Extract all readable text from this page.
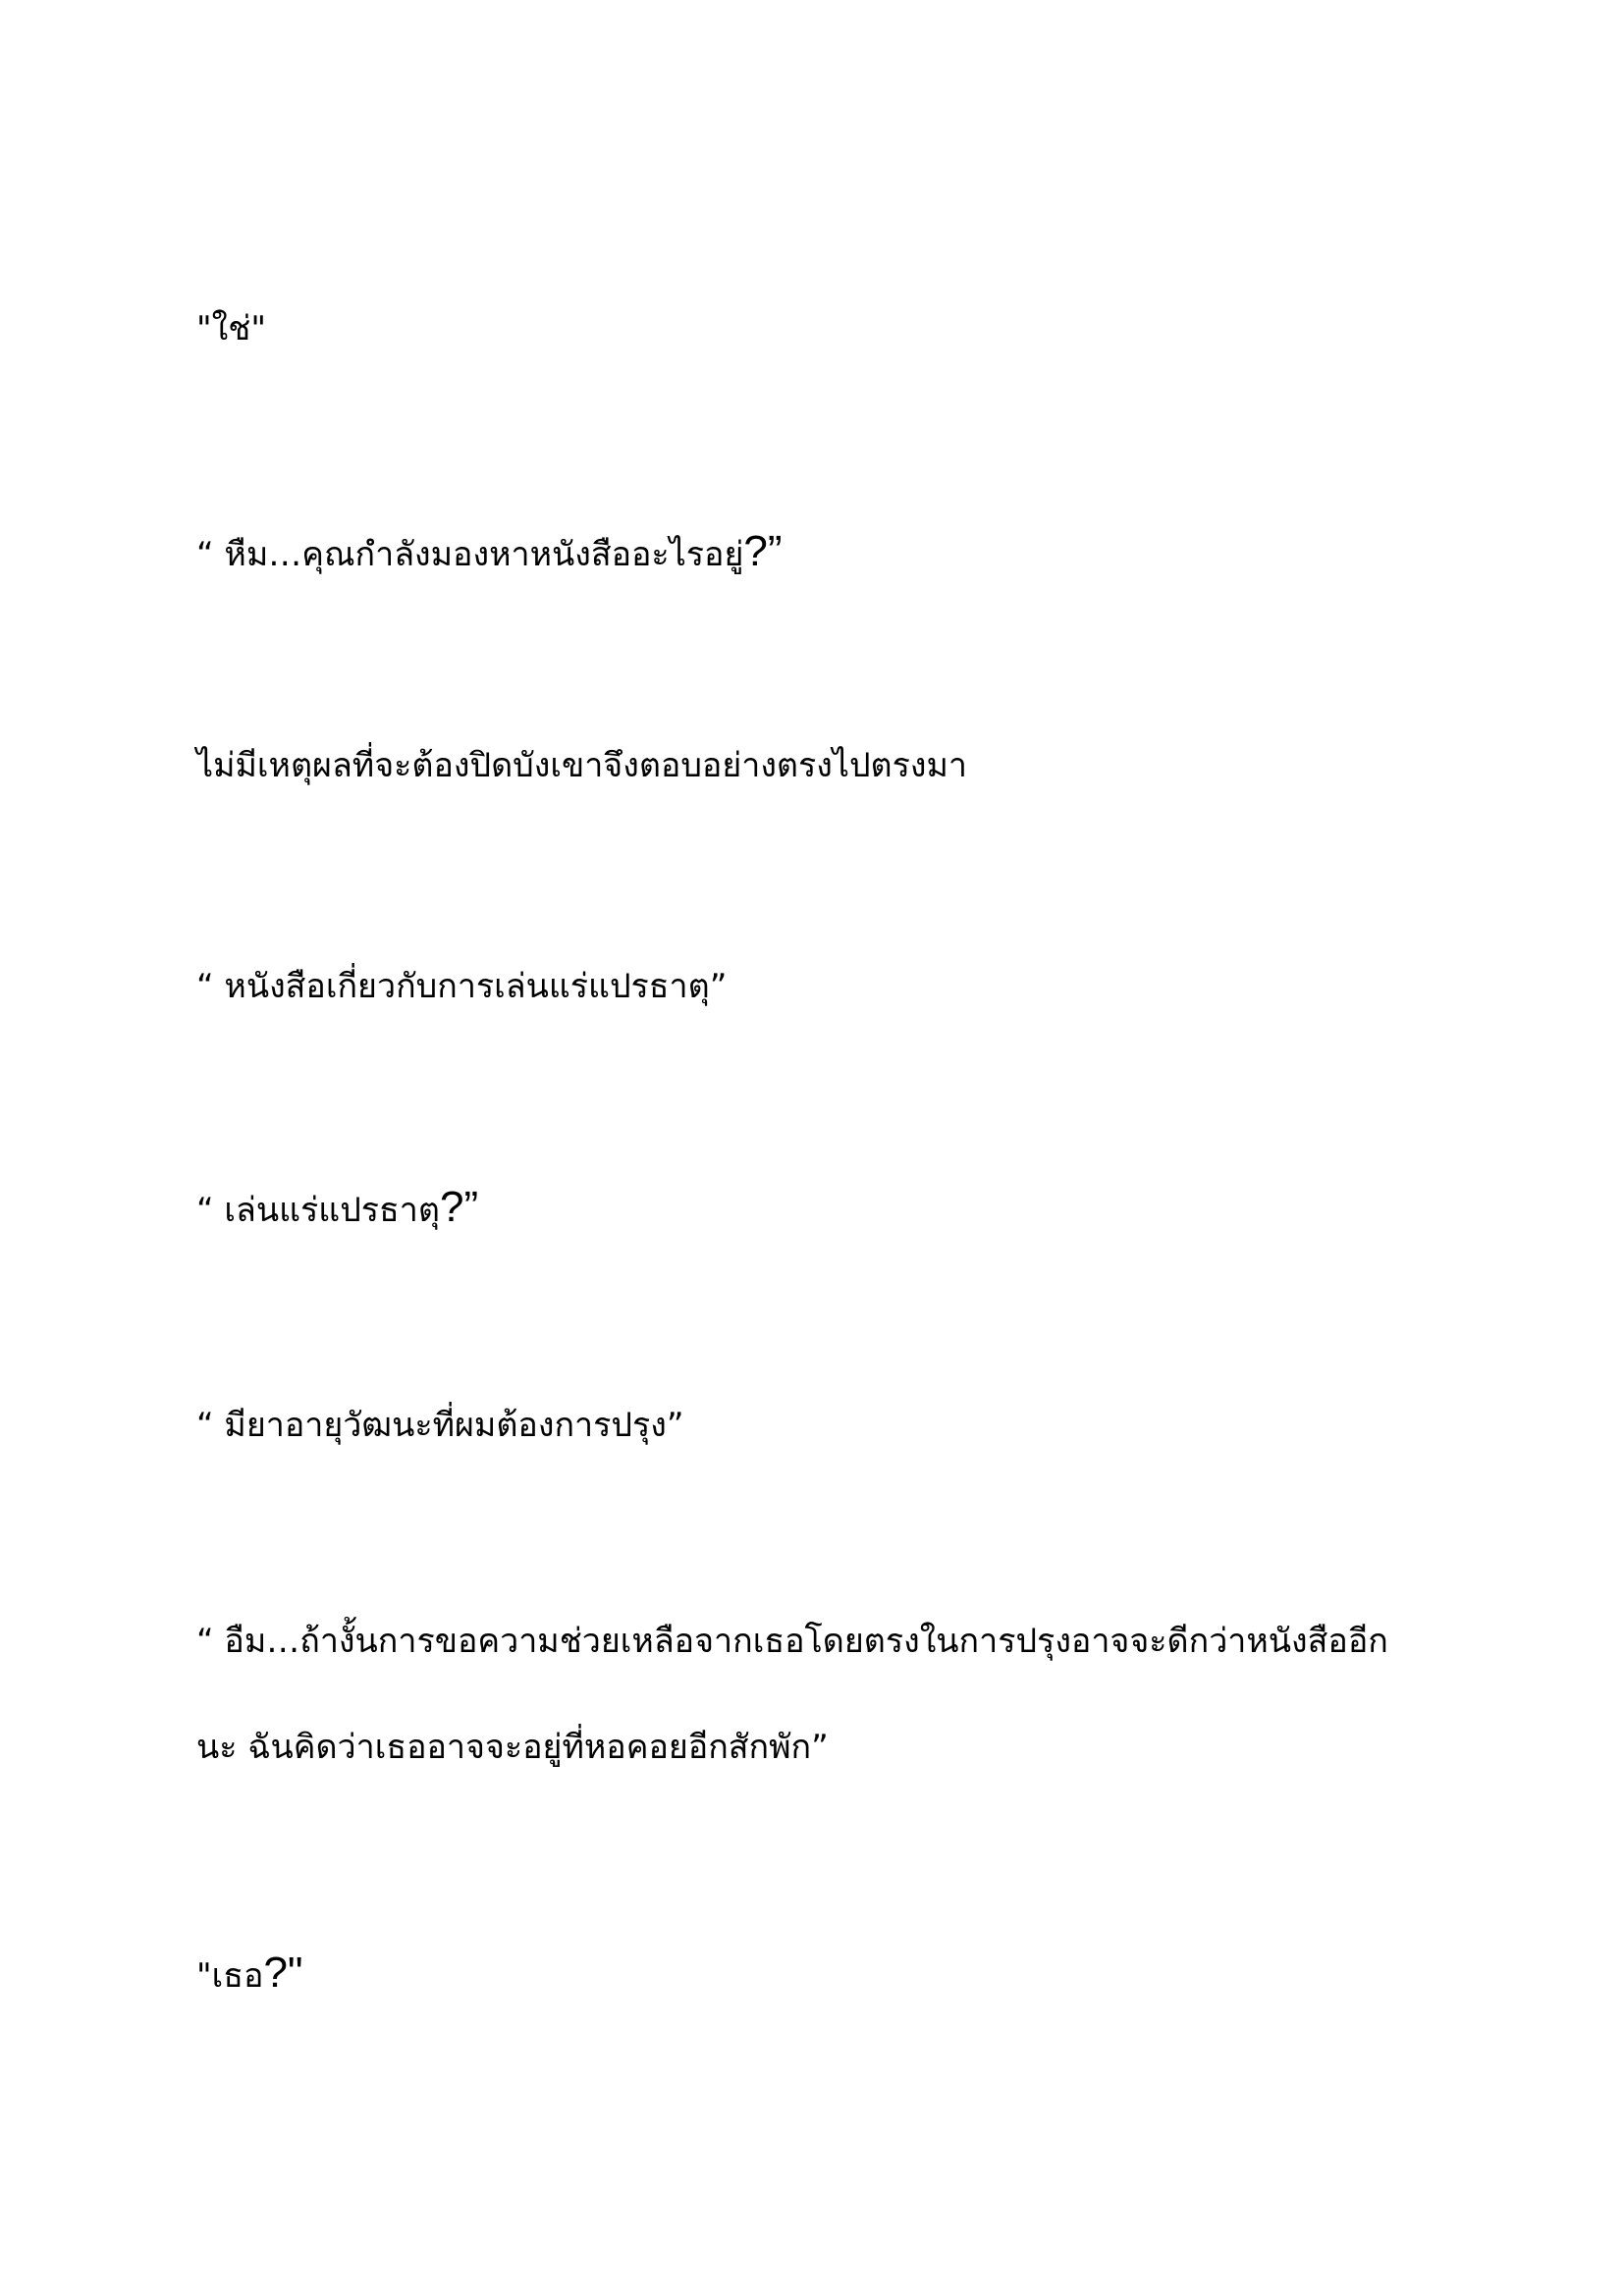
"ใช่"

“ หืม…คุณกำลังมองหาหนังสืออะไรอยู่?”

ไม่มีเหตุผลที่จะต้องปิดบังเขาจึงตอบอย่างตรงไปตรงมา

“ หนังสือเกี่ยวกับการเล่นแร่แปรธาตุ”

“ เล่นแร่แปรธาตุ?”

“ มียาอายุวัฒนะที่ผมต้องการปรุง”

“ อืม…ถ้างั้นการขอความช่วยเหลือจากเธอโดยตรงในการปรุงอาจจะดีกว่าหนังสืออีก

นะ ฉันคิดว่าเธออาจจะอยู่ที่หอคอยอีกสักพัก”

"เธอ?"
